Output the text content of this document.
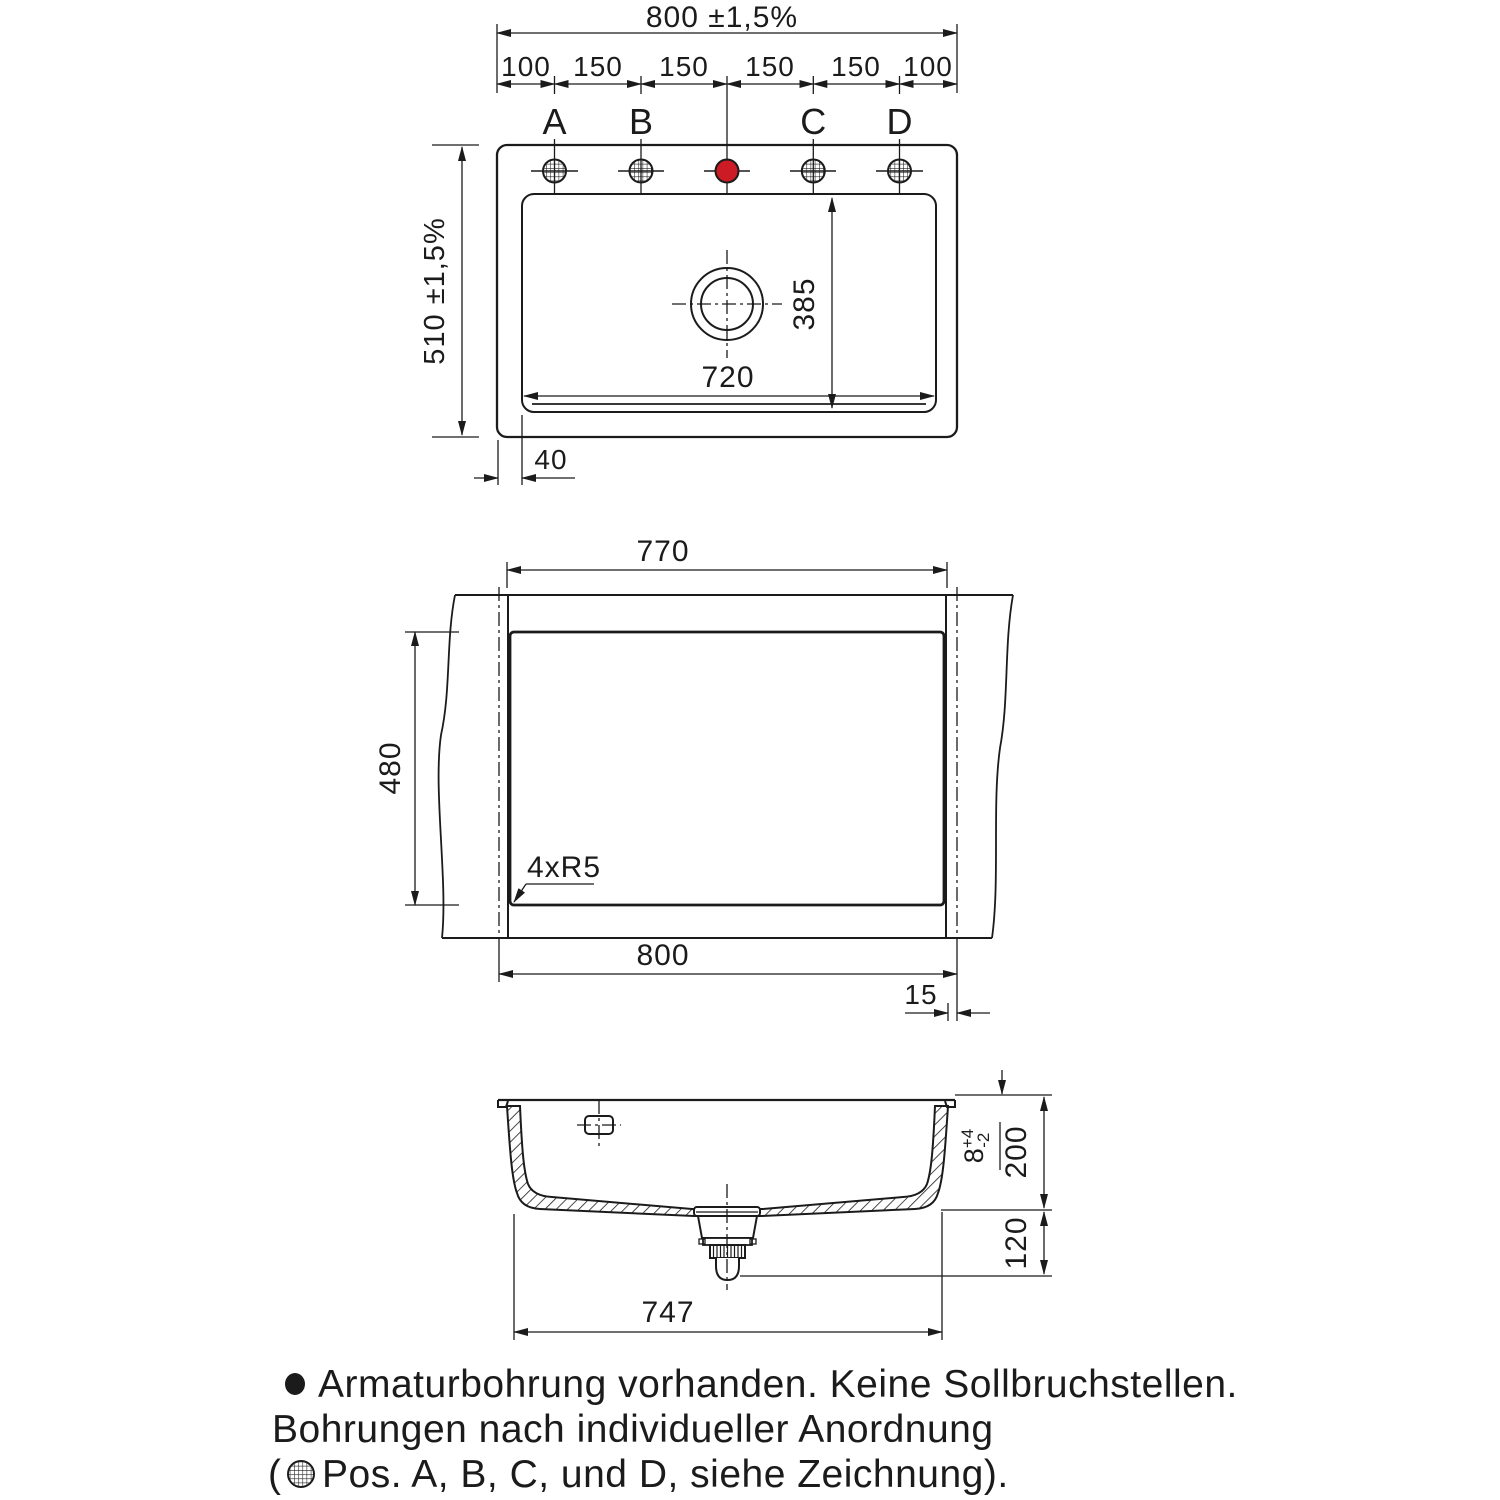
800 ±1,5%
100 150 150 150 150 100
A B	C D
510 ±1,5%
720
385
40
770
480
4xR5
800
15
$8^{+4}-2$ 200
120
747
Armaturbohrung vorhanden. Keine Sollbruchstellen.
Bohrungen nach individueller Anordnung
( Pos. A, B, C, und D, siehe Zeichnung).
